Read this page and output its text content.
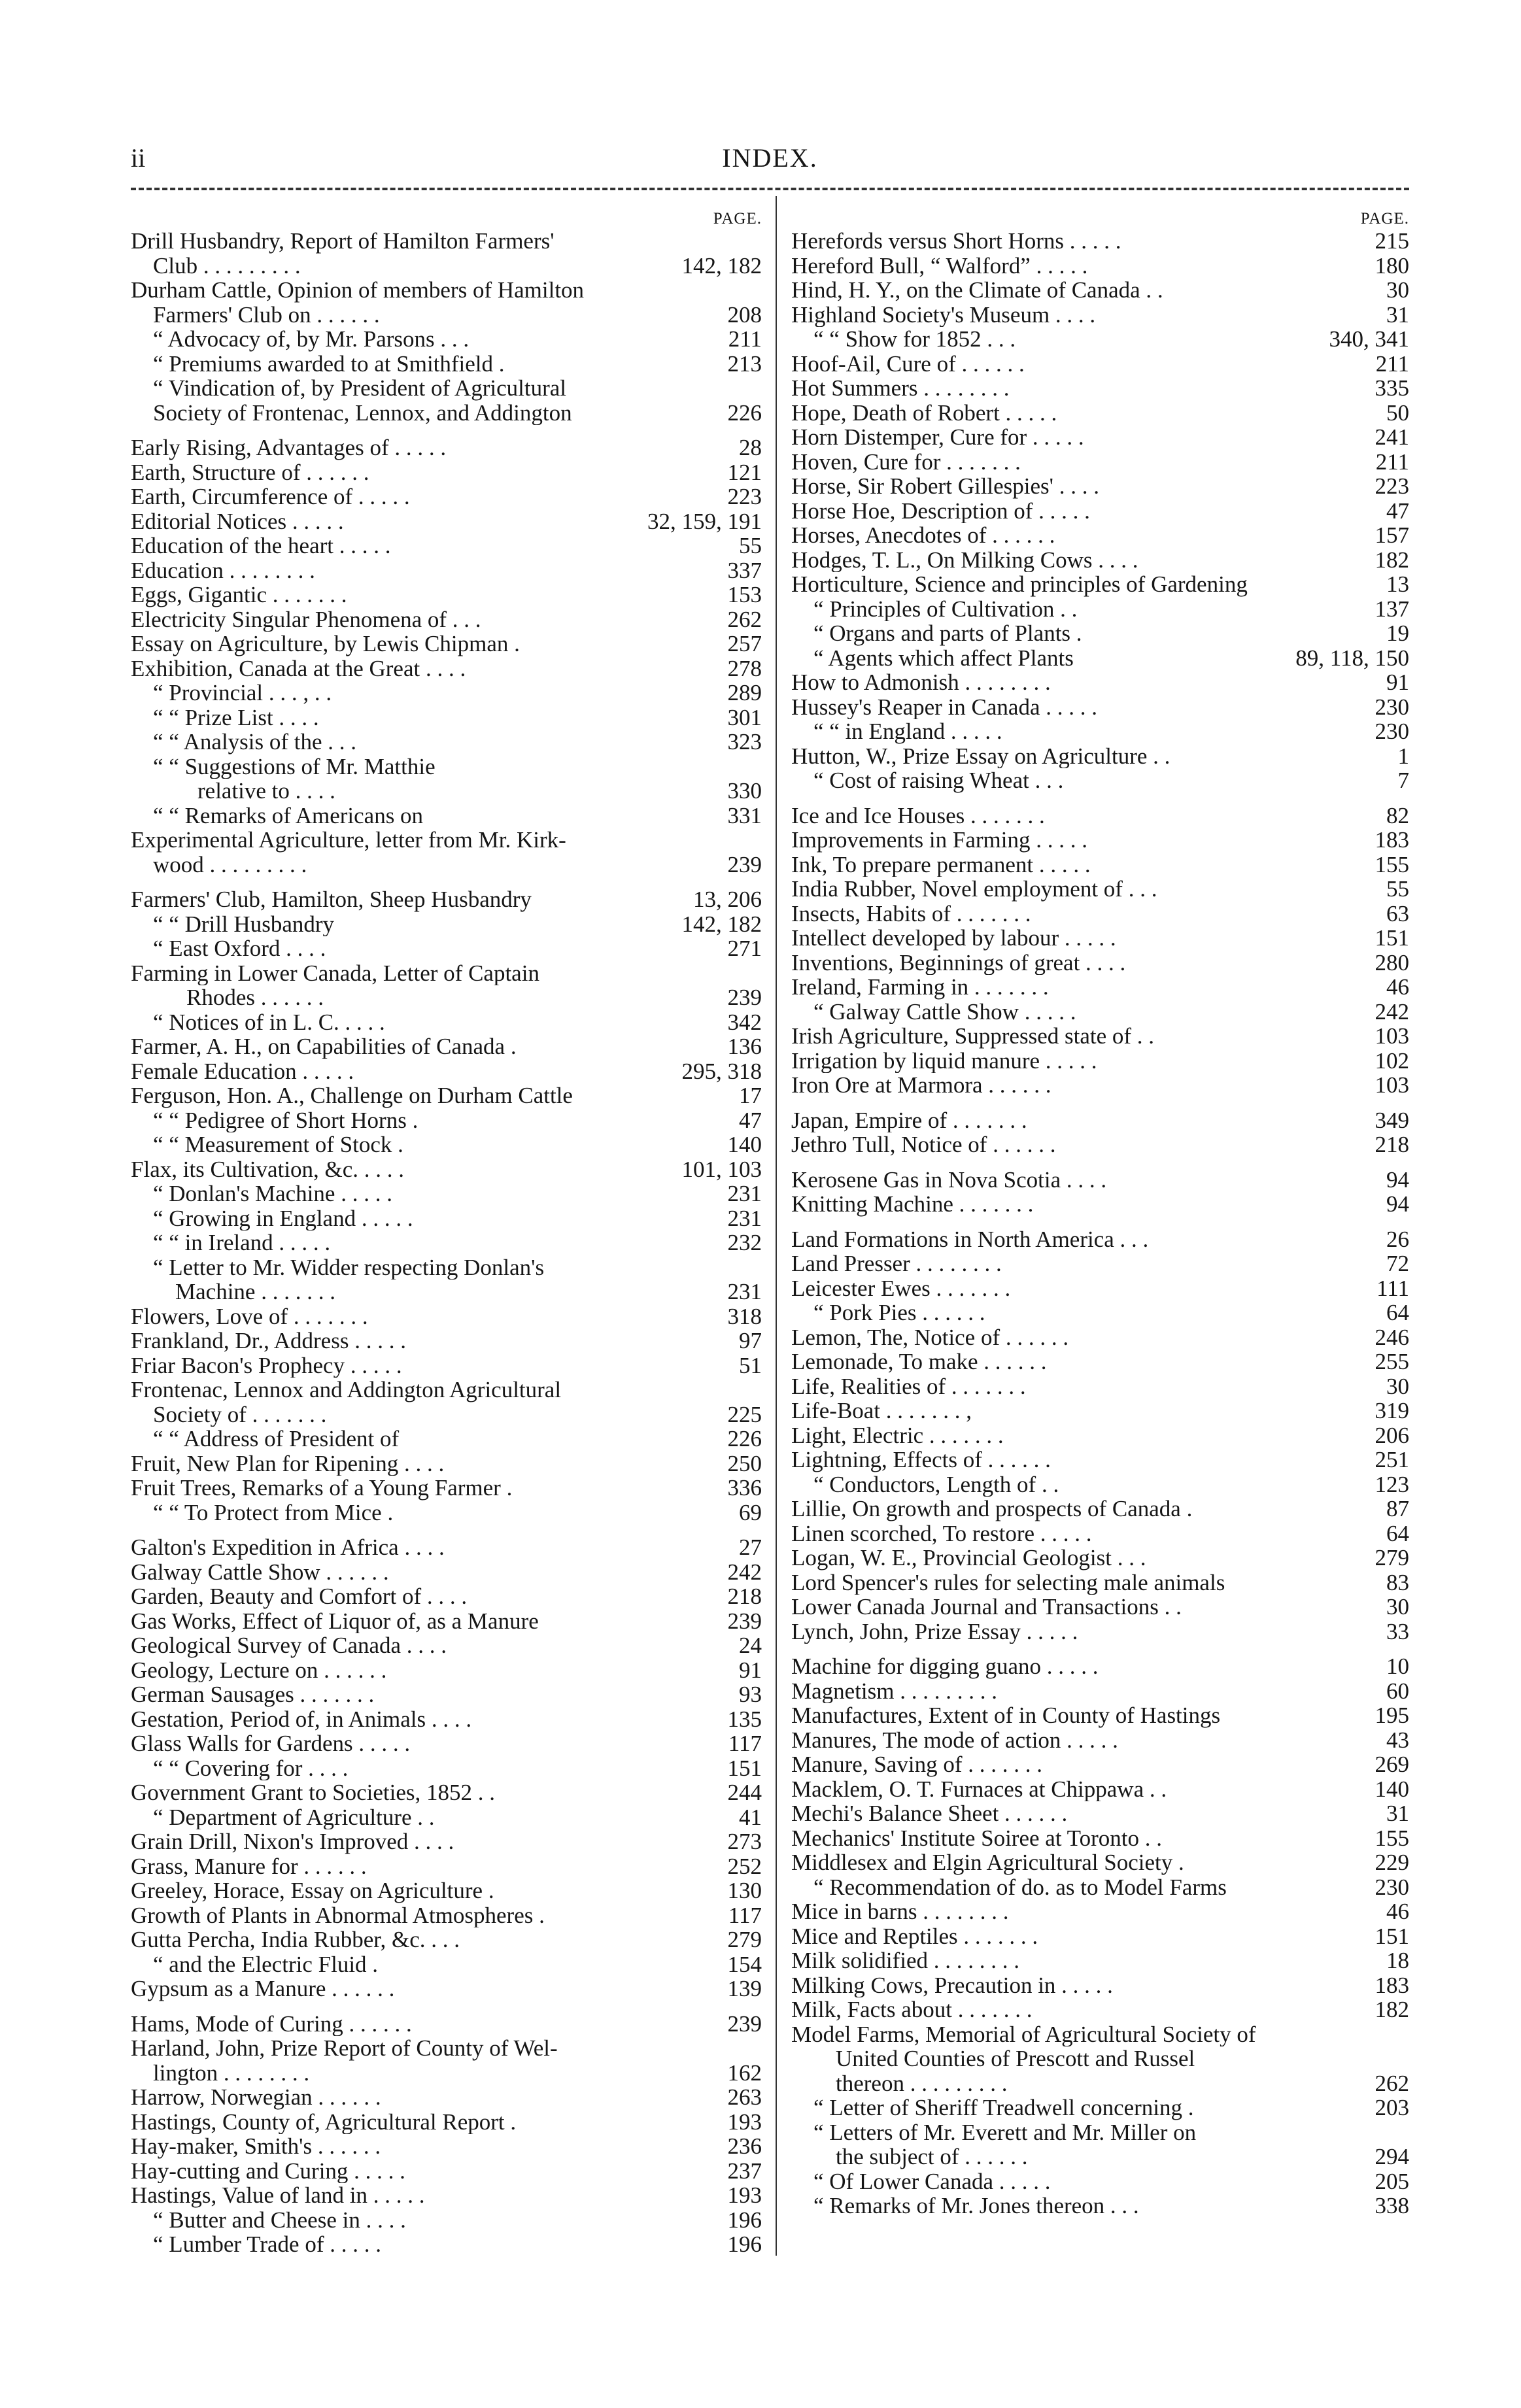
ii	INDEX.
PAGE.
Drill Husbandry, Report of Hamilton Farmers'
Club . . . . . . . . .	142, 182
Durham Cattle, Opinion of members of Hamilton
Farmers' Club on . . . . . .	208
“ Advocacy of, by Mr. Parsons . . .	211
“ Premiums awarded to at Smithfield .	213
“ Vindication of, by President of Agricultural
Society of Frontenac, Lennox, and Addington	226
Early Rising, Advantages of . . . . .	28
Earth, Structure of . . . . . .	121
Earth, Circumference of . . . . .	223
Editorial Notices . . . . .	32, 159, 191
Education of the heart . . . . .	55
Education . . . . . . . .	337
Eggs, Gigantic . . . . . . .	153
Electricity Singular Phenomena of . . .	262
Essay on Agriculture, by Lewis Chipman .	257
Exhibition, Canada at the Great . . . .	278
“ Provincial . . . , . .	289
“ “ Prize List . . . .	301
“ “ Analysis of the . . .	323
“ “ Suggestions of Mr. Matthie
relative to . . . .	330
“ “ Remarks of Americans on	331
Experimental Agriculture, letter from Mr. Kirk-
wood . . . . . . . . .	239
Farmers' Club, Hamilton, Sheep Husbandry	13, 206
“ “ Drill Husbandry	142, 182
“ East Oxford . . . .	271
Farming in Lower Canada, Letter of Captain
Rhodes . . . . . .	239
“ Notices of in L. C. . . . .	342
Farmer, A. H., on Capabilities of Canada .	136
Female Education . . . . .	295, 318
Ferguson, Hon. A., Challenge on Durham Cattle	17
“ “ Pedigree of Short Horns .	47
“ “ Measurement of Stock .	140
Flax, its Cultivation, &c. . . . .	101, 103
“ Donlan's Machine . . . . .	231
“ Growing in England . . . . .	231
“ “ in Ireland . . . . .	232
“ Letter to Mr. Widder respecting Donlan's
Machine . . . . . . .	231
Flowers, Love of . . . . . . .	318
Frankland, Dr., Address . . . . .	97
Friar Bacon's Prophecy . . . . .	51
Frontenac, Lennox and Addington Agricultural
Society of . . . . . . .	225
“ “ Address of President of	226
Fruit, New Plan for Ripening . . . .	250
Fruit Trees, Remarks of a Young Farmer .	336
“ “ To Protect from Mice .	69
Galton's Expedition in Africa . . . .	27
Galway Cattle Show . . . . . .	242
Garden, Beauty and Comfort of . . . .	218
Gas Works, Effect of Liquor of, as a Manure	239
Geological Survey of Canada . . . .	24
Geology, Lecture on . . . . . .	91
German Sausages . . . . . . .	93
Gestation, Period of, in Animals . . . .	135
Glass Walls for Gardens . . . . .	117
“ “ Covering for . . . .	151
Government Grant to Societies, 1852 . .	244
“ Department of Agriculture . .	41
Grain Drill, Nixon's Improved . . . .	273
Grass, Manure for . . . . . .	252
Greeley, Horace, Essay on Agriculture .	130
Growth of Plants in Abnormal Atmospheres .	117
Gutta Percha, India Rubber, &c. . . .	279
“ and the Electric Fluid .	154
Gypsum as a Manure . . . . . .	139
Hams, Mode of Curing . . . . . .	239
Harland, John, Prize Report of County of Wel-
lington . . . . . . . .	162
Harrow, Norwegian . . . . . .	263
Hastings, County of, Agricultural Report .	193
Hay-maker, Smith's . . . . . .	236
Hay-cutting and Curing . . . . .	237
Hastings, Value of land in . . . . .	193
“ Butter and Cheese in . . . .	196
“ Lumber Trade of . . . . .	196
PAGE.
Herefords versus Short Horns . . . . .	215
Hereford Bull, “ Walford” . . . . .	180
Hind, H. Y., on the Climate of Canada . .	30
Highland Society's Museum . . . .	31
“ “ Show for 1852 . . .	340, 341
Hoof-Ail, Cure of . . . . . .	211
Hot Summers . . . . . . . .	335
Hope, Death of Robert . . . . .	50
Horn Distemper, Cure for . . . . .	241
Hoven, Cure for . . . . . . .	211
Horse, Sir Robert Gillespies' . . . .	223
Horse Hoe, Description of . . . . .	47
Horses, Anecdotes of . . . . . .	157
Hodges, T. L., On Milking Cows . . . .	182
Horticulture, Science and principles of Gardening	13
“ Principles of Cultivation . .	137
“ Organs and parts of Plants .	19
“ Agents which affect Plants	89, 118, 150
How to Admonish . . . . . . . .	91
Hussey's Reaper in Canada . . . . .	230
“ “ in England . . . . .	230
Hutton, W., Prize Essay on Agriculture . .	1
“ Cost of raising Wheat . . .	7
Ice and Ice Houses . . . . . . .	82
Improvements in Farming . . . . .	183
Ink, To prepare permanent . . . . .	155
India Rubber, Novel employment of . . .	55
Insects, Habits of . . . . . . .	63
Intellect developed by labour . . . . .	151
Inventions, Beginnings of great . . . .	280
Ireland, Farming in . . . . . . .	46
“ Galway Cattle Show . . . . .	242
Irish Agriculture, Suppressed state of . .	103
Irrigation by liquid manure . . . . .	102
Iron Ore at Marmora . . . . . .	103
Japan, Empire of . . . . . . .	349
Jethro Tull, Notice of . . . . . .	218
Kerosene Gas in Nova Scotia . . . .	94
Knitting Machine . . . . . . .	94
Land Formations in North America . . .	26
Land Presser . . . . . . . .	72
Leicester Ewes . . . . . . .	111
“ Pork Pies . . . . . .	64
Lemon, The, Notice of . . . . . .	246
Lemonade, To make . . . . . .	255
Life, Realities of . . . . . . .	30
Life-Boat . . . . . . . ,	319
Light, Electric . . . . . . .	206
Lightning, Effects of . . . . . .	251
“ Conductors, Length of . .	123
Lillie, On growth and prospects of Canada .	87
Linen scorched, To restore . . . . .	64
Logan, W. E., Provincial Geologist . . .	279
Lord Spencer's rules for selecting male animals	83
Lower Canada Journal and Transactions . .	30
Lynch, John, Prize Essay . . . . .	33
Machine for digging guano . . . . .	10
Magnetism . . . . . . . . .	60
Manufactures, Extent of in County of Hastings	195
Manures, The mode of action . . . . .	43
Manure, Saving of . . . . . . .	269
Macklem, O. T. Furnaces at Chippawa . .	140
Mechi's Balance Sheet . . . . . .	31
Mechanics' Institute Soiree at Toronto . .	155
Middlesex and Elgin Agricultural Society .	229
“ Recommendation of do. as to Model Farms	230
Mice in barns . . . . . . . .	46
Mice and Reptiles . . . . . . .	151
Milk solidified . . . . . . . .	18
Milking Cows, Precaution in . . . . .	183
Milk, Facts about . . . . . . .	182
Model Farms, Memorial of Agricultural Society of
United Counties of Prescott and Russel
thereon . . . . . . . . .	262
“ Letter of Sheriff Treadwell concerning .	203
“ Letters of Mr. Everett and Mr. Miller on
the subject of . . . . . .	294
“ Of Lower Canada . . . . .	205
“ Remarks of Mr. Jones thereon . . .	338
